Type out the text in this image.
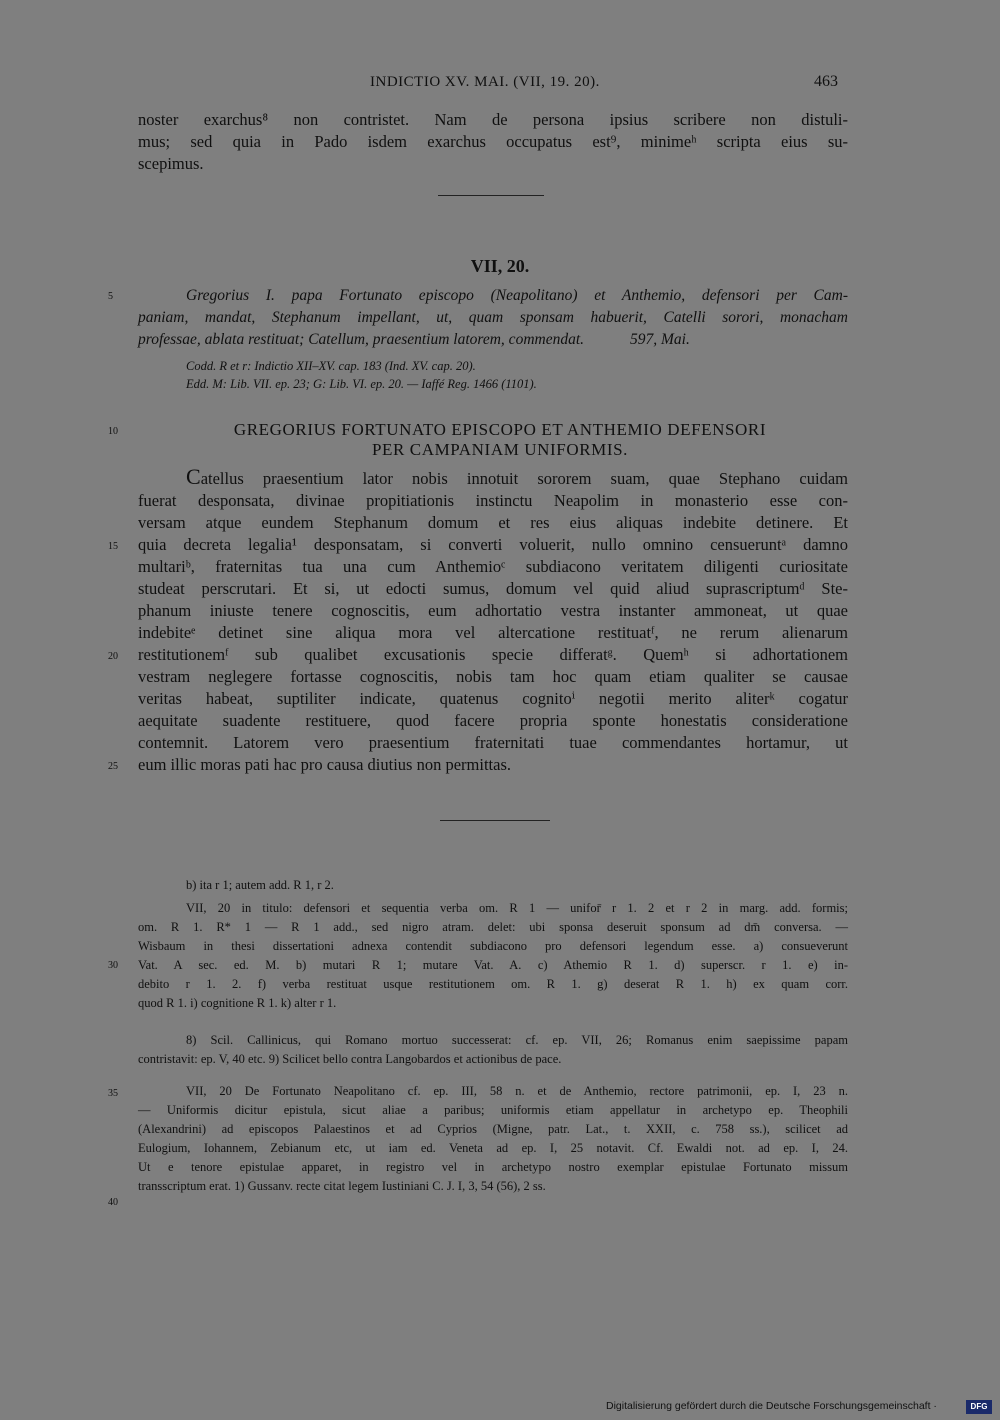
INDICTIO XV. MAI. (VII, 19. 20).	463
noster exarchus⁸ non contristet. Nam de persona ipsius scribere non distuli-
mus; sed quia in Pado isdem exarchus occupatus est⁹, minimeʰ scripta eius su-
scepimus.
VII, 20.
5	Gregorius I. papa Fortunato episcopo (Neapolitano) et Anthemio, defensori per Cam-
paniam, mandat, Stephanum impellant, ut, quam sponsam habuerit, Catelli sorori, monacham
professae, ablata restituat; Catellum, praesentium latorem, commendat.	597, Mai.
Codd. R et r: Indictio XII–XV. cap. 183 (Ind. XV. cap. 20).
Edd. M: Lib. VII. ep. 23; G: Lib. VI. ep. 20. — Iaffé Reg. 1466 (1101).
10	GREGORIUS FORTUNATO EPISCOPO ET ANTHEMIO DEFENSORI
PER CAMPANIAM UNIFORMIS.
Catellus praesentium lator nobis innotuit sororem suam, quae Stephano cuidam
fuerat desponsata, divinae propitiationis instinctu Neapolim in monasterio esse con-
versam atque eundem Stephanum domum et res eius aliquas indebite detinere. Et
quia decreta legalia¹ desponsatam, si converti voluerit, nullo omnino censueruntᵃ damno
multariᵇ, fraternitas tua una cum Anthemioᶜ subdiacono veritatem diligenti curiositate
studeat perscrutari. Et si, ut edocti sumus, domum vel quid aliud suprascriptumᵈ Ste-
phanum iniuste tenere cognoscitis, eum adhortatio vestra instanter ammoneat, ut quae
indebiteᵉ detinet sine aliqua mora vel altercatione restituatᶠ, ne rerum alienarum
restitutionemᶠ sub qualibet excusationis specie differatᵍ. Quemʰ si adhortationem
vestram neglegere fortasse cognoscitis, nobis tam hoc quam etiam qualiter se causae
veritas habeat, suptiliter indicate, quatenus cognitoⁱ negotii merito aliterᵏ cogatur
aequitate suadente restituere, quod facere propria sponte honestatis consideratione
contemnit. Latorem vero praesentium fraternitati tuae commendantes hortamur, ut
eum illic moras pati hac pro causa diutius non permittas.
15
20
25
b) ita r 1; autem add. R 1, r 2.
VII, 20 in titulo: defensori et sequentia verba om. R 1 — unifor̄ r 1. 2 et r 2 in marg. add. formis;
om. R 1. R* 1 — R 1 add., sed nigro atram. delet: ubi sponsa deseruit sponsum ad dm̄ conversa. —
Wisbaum in thesi dissertationi adnexa contendit subdiacono pro defensori legendum esse. a) consueverunt
Vat. A sec. ed. M. b) mutari R 1; mutare Vat. A. c) Athemio R 1. d) superscr. r 1. e) in-
debito r 1. 2. f) verba restituat usque restitutionem om. R 1. g) deserat R 1. h) ex quam corr.
quod R 1. i) cognitione R 1. k) alter r 1.
30
8) Scil. Callinicus, qui Romano mortuo successerat: cf. ep. VII, 26; Romanus enim saepissime papam
contristavit: ep. V, 40 etc. 9) Scilicet bello contra Langobardos et actionibus de pace.
VII, 20 De Fortunato Neapolitano cf. ep. III, 58 n. et de Anthemio, rectore patrimonii, ep. I, 23 n.
— Uniformis dicitur epistula, sicut aliae a paribus; uniformis etiam appellatur in archetypo ep. Theophili
(Alexandrini) ad episcopos Palaestinos et ad Cyprios (Migne, patr. Lat., t. XXII, c. 758 ss.), scilicet ad
Eulogium, Iohannem, Zebianum etc, ut iam ed. Veneta ad ep. I, 25 notavit. Cf. Ewaldi not. ad ep. I, 24.
Ut e tenore epistulae apparet, in registro vel in archetypo nostro exemplar epistulae Fortunato missum
transscriptum erat. 1) Gussanv. recte citat legem Iustiniani C. J. I, 3, 54 (56), 2 ss.
35
40
Digitalisierung gefördert durch die Deutsche Forschungsgemeinschaft ·	DFG
